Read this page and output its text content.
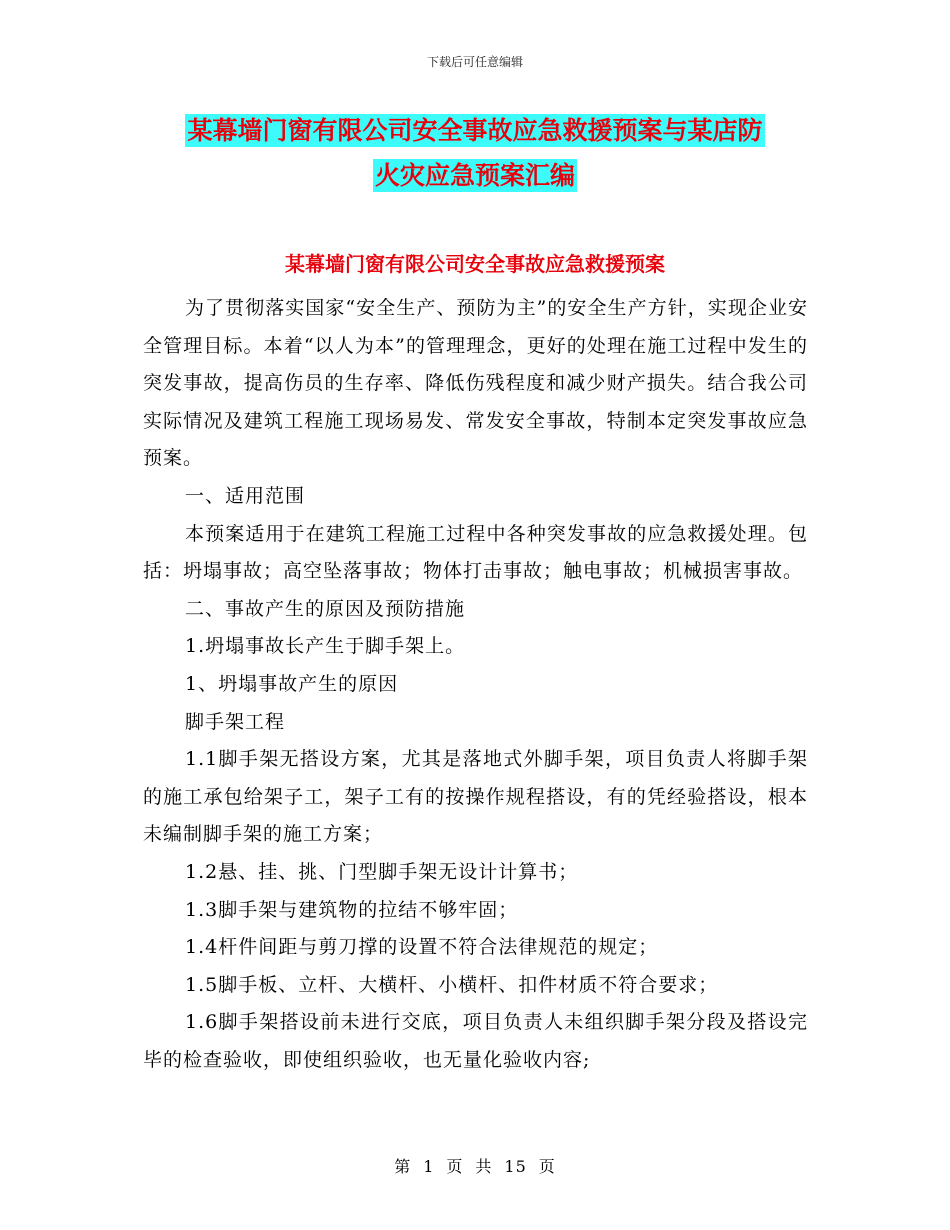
下载后可任意编辑
某幕墙门窗有限公司安全事故应急救援预案与某店防
火灾应急预案汇编
某幕墙门窗有限公司安全事故应急救援预案

为了贯彻落实国家“安全生产、预防为主”的安全生产方针，实现企业安全管理目标。本着“以人为本”的管理理念，更好的处理在施工过程中发生的突发事故，提高伤员的生存率、降低伤残程度和减少财产损失。结合我公司实际情况及建筑工程施工现场易发、常发安全事故，特制本定突发事故应急预案。

一、适用范围

本预案适用于在建筑工程施工过程中各种突发事故的应急救援处理。包括：坍塌事故；高空坠落事故；物体打击事故；触电事故；机械损害事故。

二、事故产生的原因及预防措施

1.坍塌事故长产生于脚手架上。

1、坍塌事故产生的原因

脚手架工程

1.1脚手架无搭设方案，尤其是落地式外脚手架，项目负责人将脚手架的施工承包给架子工，架子工有的按操作规程搭设，有的凭经验搭设，根本未编制脚手架的施工方案；

1.2悬、挂、挑、门型脚手架无设计计算书；

1.3脚手架与建筑物的拉结不够牢固；

1.4杆件间距与剪刀撑的设置不符合法律规范的规定；

1.5脚手板、立杆、大横杆、小横杆、扣件材质不符合要求；

1.6脚手架搭设前未进行交底，项目负责人未组织脚手架分段及搭设完毕的检查验收，即使组织验收，也无量化验收内容;

第 1 页 共 15 页
